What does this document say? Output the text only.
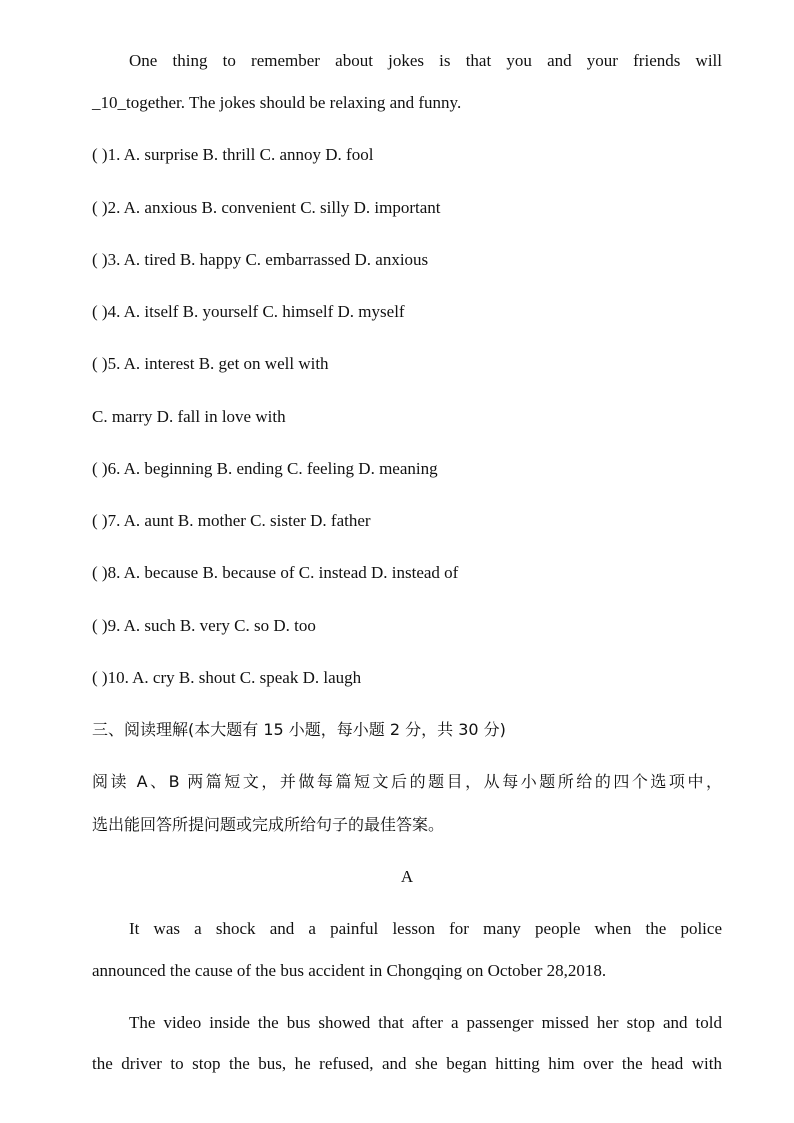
One thing to remember about jokes is that you and your friends will
_10_together. The jokes should be relaxing and funny.
( )1. A. surprise B. thrill C. annoy D. fool
( )2. A. anxious B. convenient C. silly D. important
( )3. A. tired B. happy C. embarrassed D. anxious
( )4. A. itself B. yourself C. himself D. myself
( )5. A. interest B. get on well with
C. marry D. fall in love with
( )6. A. beginning B. ending C. feeling D. meaning
( )7. A. aunt B. mother C. sister D. father
( )8. A. because B. because of C. instead D. instead of
( )9. A. such B. very C. so D. too
( )10. A. cry B. shout C. speak D. laugh
三、阅读理解(本大题有 15 小题，每小题 2 分，共 30 分)
阅读 A、B 两篇短文，并做每篇短文后的题目，从每小题所给的四个选项中，
选出能回答所提问题或完成所给句子的最佳答案。
A
It was a shock and a painful lesson for many people when the police
announced the cause of the bus accident in Chongqing on October 28,2018.
The video inside the bus showed that after a passenger missed her stop and told
the driver to stop the bus, he refused, and she began hitting him over the head with
